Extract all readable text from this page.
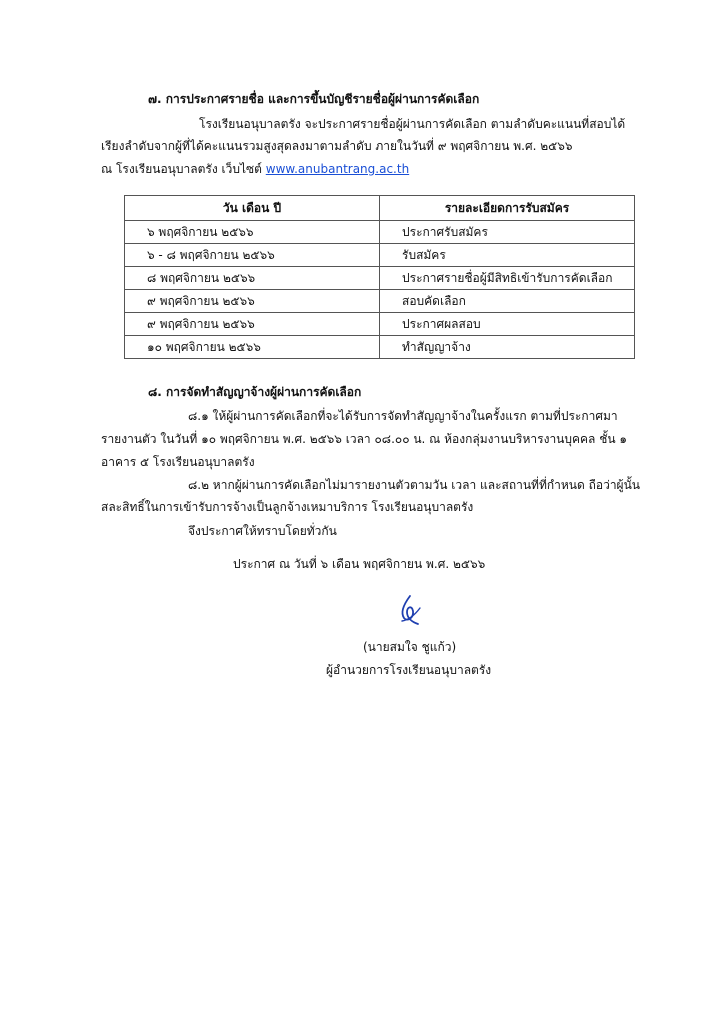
๗. การประกาศรายชื่อ และการขึ้นบัญชีรายชื่อผู้ผ่านการคัดเลือก
โรงเรียนอนุบาลตรัง จะประกาศรายชื่อผู้ผ่านการคัดเลือก ตามลำดับคะแนนที่สอบได้
เรียงลำดับจากผู้ที่ได้คะแนนรวมสูงสุดลงมาตามลำดับ ภายในวันที่ ๙ พฤศจิกายน พ.ศ. ๒๕๖๖
ณ โรงเรียนอนุบาลตรัง เว็บไซต์ www.anubantrang.ac.th
วัน เดือน ปี	รายละเอียดการรับสมัคร
๖ พฤศจิกายน ๒๕๖๖	ประกาศรับสมัคร
๖ - ๘ พฤศจิกายน ๒๕๖๖	รับสมัคร
๘ พฤศจิกายน ๒๕๖๖	ประกาศรายชื่อผู้มีสิทธิเข้ารับการคัดเลือก
๙ พฤศจิกายน ๒๕๖๖	สอบคัดเลือก
๙ พฤศจิกายน ๒๕๖๖	ประกาศผลสอบ
๑๐ พฤศจิกายน ๒๕๖๖	ทำสัญญาจ้าง
๘. การจัดทำสัญญาจ้างผู้ผ่านการคัดเลือก
๘.๑ ให้ผู้ผ่านการคัดเลือกที่จะได้รับการจัดทำสัญญาจ้างในครั้งแรก ตามที่ประกาศมา
รายงานตัว ในวันที่ ๑๐ พฤศจิกายน พ.ศ. ๒๕๖๖ เวลา ๐๘.๐๐ น. ณ ห้องกลุ่มงานบริหารงานบุคคล ชั้น ๑
อาคาร ๕ โรงเรียนอนุบาลตรัง
๘.๒ หากผู้ผ่านการคัดเลือกไม่มารายงานตัวตามวัน เวลา และสถานที่ที่กำหนด ถือว่าผู้นั้น
สละสิทธิ์ในการเข้ารับการจ้างเป็นลูกจ้างเหมาบริการ โรงเรียนอนุบาลตรัง
จึงประกาศให้ทราบโดยทั่วกัน
ประกาศ ณ วันที่ ๖ เดือน พฤศจิกายน พ.ศ. ๒๕๖๖
(นายสมใจ ชูแก้ว)
ผู้อำนวยการโรงเรียนอนุบาลตรัง
